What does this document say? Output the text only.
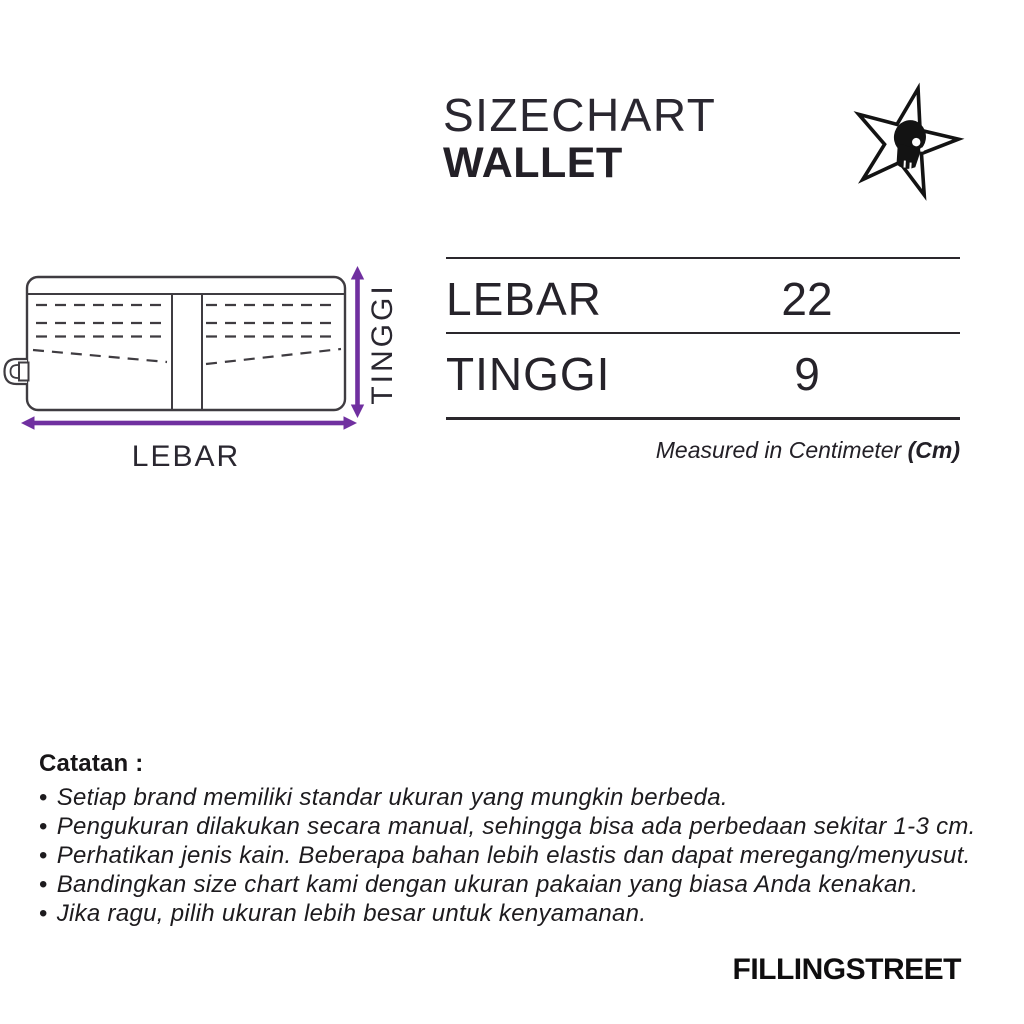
SIZECHART
WALLET
LEBAR
TINGGI LEBAR	22
TINGGI	9
Measured in Centimeter (Cm)

Catatan :

• Setiap brand memiliki standar ukuran yang mungkin berbeda.
• Pengukuran dilakukan secara manual, sehingga bisa ada perbedaan sekitar 1-3 cm.
• Perhatikan jenis kain. Beberapa bahan lebih elastis dan dapat meregang/menyusut.
• Bandingkan size chart kami dengan ukuran pakaian yang biasa Anda kenakan.
• Jika ragu, pilih ukuran lebih besar untuk kenyamanan.
FILLINGSTREET
